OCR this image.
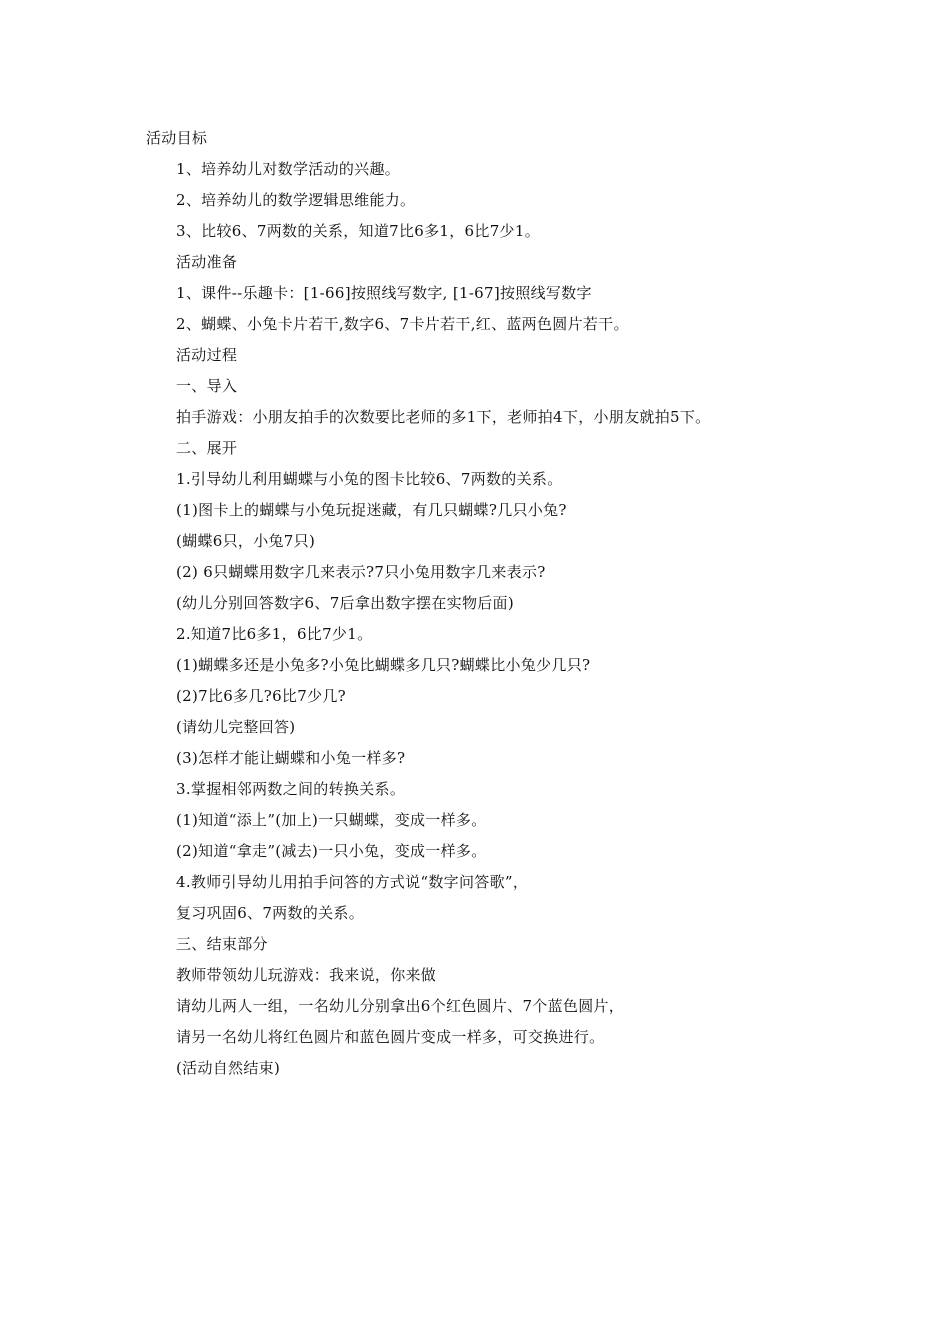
活动目标
1、培养幼儿对数学活动的兴趣。
2、培养幼儿的数学逻辑思维能力。
3、比较6、7两数的关系，知道7比6多1，6比7少1。
活动准备
1、课件--乐趣卡：[1-66]按照线写数字, [1-67]按照线写数字
2、蝴蝶、小兔卡片若干,数字6、7卡片若干,红、蓝两色圆片若干。
活动过程
一、导入
拍手游戏：小朋友拍手的次数要比老师的多1下，老师拍4下，小朋友就拍5下。
二、展开
1.引导幼儿利用蝴蝶与小兔的图卡比较6、7两数的关系。
(1)图卡上的蝴蝶与小兔玩捉迷藏，有几只蝴蝶?几只小兔?
(蝴蝶6只，小兔7只)
(2) 6只蝴蝶用数字几来表示?7只小兔用数字几来表示?
(幼儿分别回答数字6、7后拿出数字摆在实物后面)
2.知道7比6多1，6比7少1。
(1)蝴蝶多还是小兔多?小兔比蝴蝶多几只?蝴蝶比小兔少几只?
(2)7比6多几?6比7少几?
(请幼儿完整回答)
(3)怎样才能让蝴蝶和小兔一样多?
3.掌握相邻两数之间的转换关系。
(1)知道“添上”(加上)一只蝴蝶，变成一样多。
(2)知道“拿走”(减去)一只小兔，变成一样多。
4.教师引导幼儿用拍手问答的方式说“数字问答歌”，
复习巩固6、7两数的关系。
三、结束部分
教师带领幼儿玩游戏：我来说，你来做
请幼儿两人一组，一名幼儿分别拿出6个红色圆片、7个蓝色圆片，
请另一名幼儿将红色圆片和蓝色圆片变成一样多，可交换进行。
(活动自然结束)
